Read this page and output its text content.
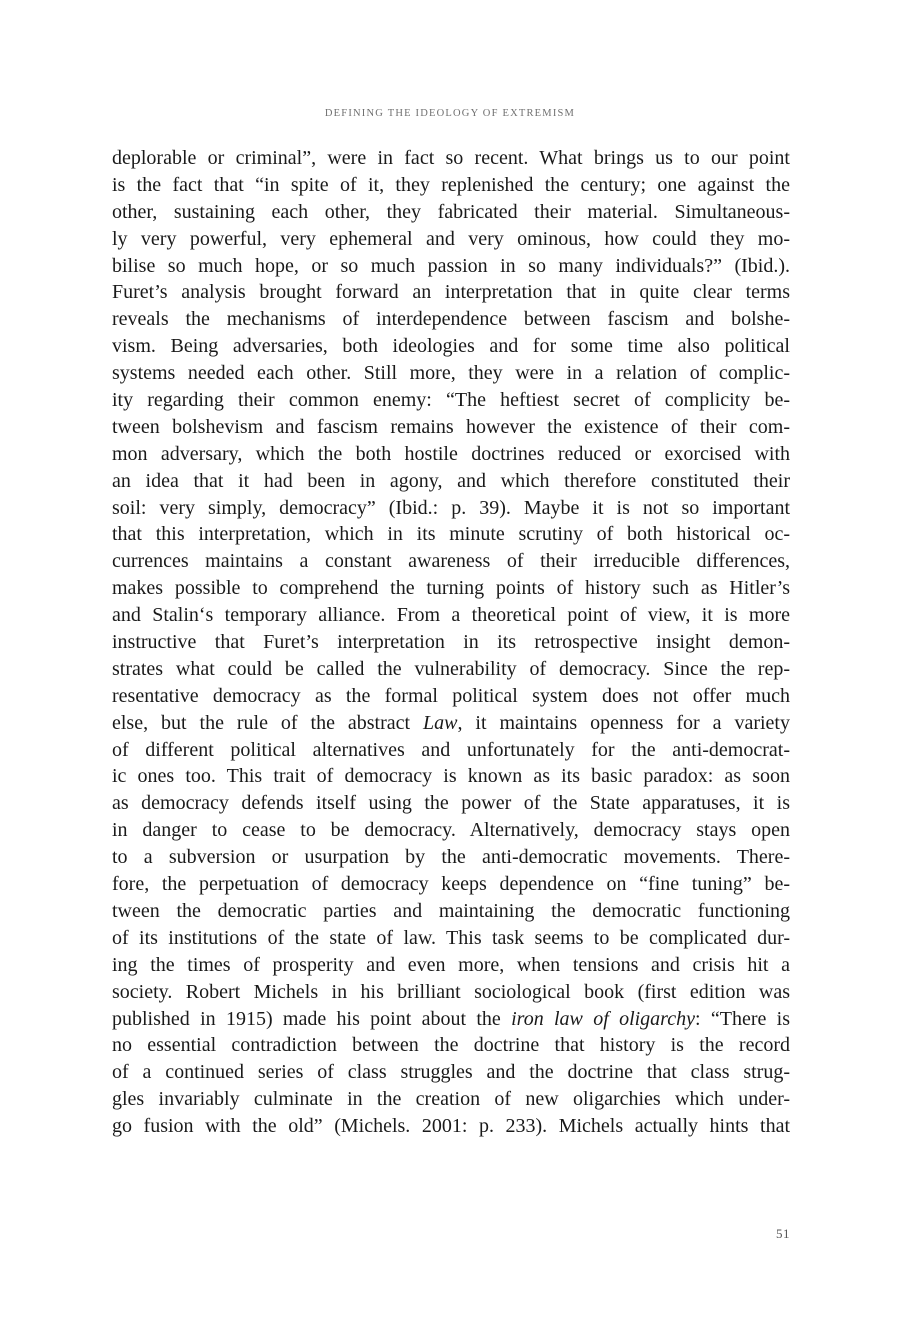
DEFINING THE IDEOLOGY OF EXTREMISM
deplorable or criminal”, were in fact so recent. What brings us to our point
is the fact that “in spite of it, they replenished the century; one against the
other, sustaining each other, they fabricated their material. Simultaneous-
ly very powerful, very ephemeral and very ominous, how could they mo-
bilise so much hope, or so much passion in so many individuals?” (Ibid.).
Furet’s analysis brought forward an interpretation that in quite clear terms
reveals the mechanisms of interdependence between fascism and bolshe-
vism. Being adversaries, both ideologies and for some time also political
systems needed each other. Still more, they were in a relation of complic-
ity regarding their common enemy: “The heftiest secret of complicity be-
tween bolshevism and fascism remains however the existence of their com-
mon adversary, which the both hostile doctrines reduced or exorcised with
an idea that it had been in agony, and which therefore constituted their
soil: very simply, democracy” (Ibid.: p. 39). Maybe it is not so important
that this interpretation, which in its minute scrutiny of both historical oc-
currences maintains a constant awareness of their irreducible differences,
makes possible to comprehend the turning points of history such as Hitler’s
and Stalin‘s temporary alliance. From a theoretical point of view, it is more
instructive that Furet’s interpretation in its retrospective insight demon-
strates what could be called the vulnerability of democracy. Since the rep-
resentative democracy as the formal political system does not offer much
else, but the rule of the abstract Law, it maintains openness for a variety
of different political alternatives and unfortunately for the anti-democrat-
ic ones too. This trait of democracy is known as its basic paradox: as soon
as democracy defends itself using the power of the State apparatuses, it is
in danger to cease to be democracy. Alternatively, democracy stays open
to a subversion or usurpation by the anti-democratic movements. There-
fore, the perpetuation of democracy keeps dependence on “fine tuning” be-
tween the democratic parties and maintaining the democratic functioning
of its institutions of the state of law. This task seems to be complicated dur-
ing the times of prosperity and even more, when tensions and crisis hit a
society. Robert Michels in his brilliant sociological book (first edition was
published in 1915) made his point about the iron law of oligarchy: “There is
no essential contradiction between the doctrine that history is the record
of a continued series of class struggles and the doctrine that class strug-
gles invariably culminate in the creation of new oligarchies which under-
go fusion with the old” (Michels. 2001: p. 233). Michels actually hints that
51
